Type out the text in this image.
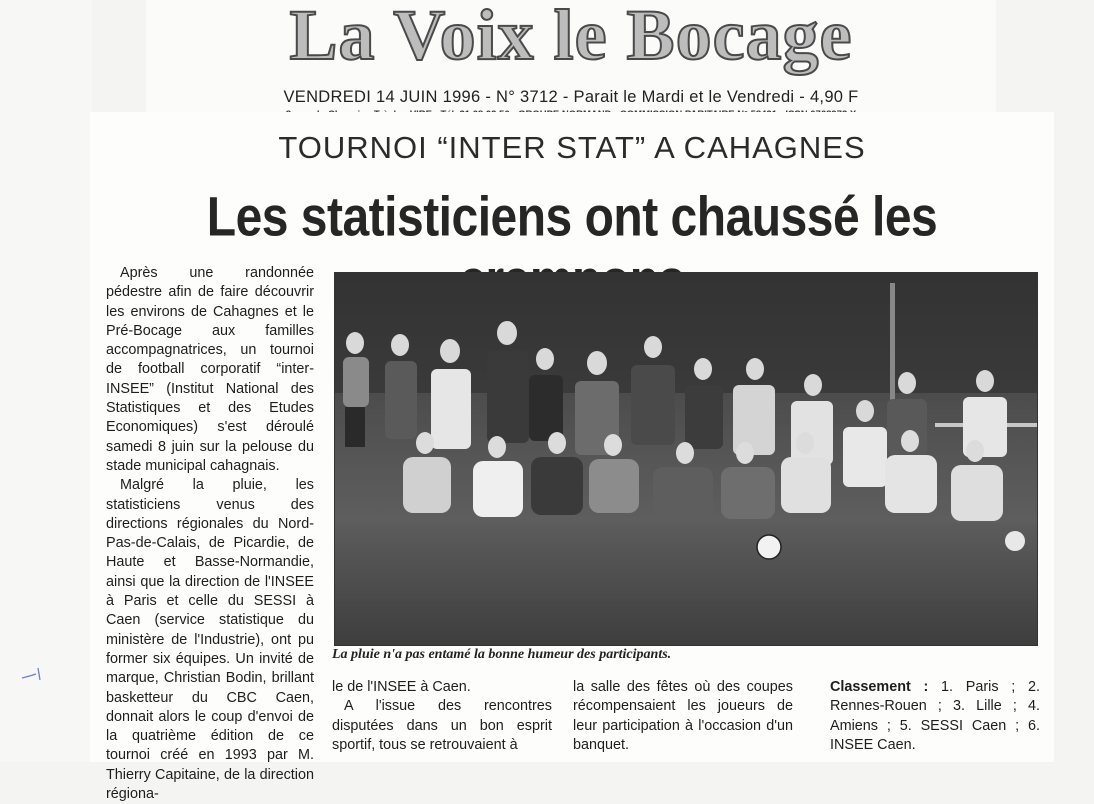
La Voix le Bocage
VENDREDI 14 JUIN 1996 - N° 3712 - Parait le Mardi et le Vendredi - 4,90 F
TOURNOI “INTER STAT” A CAHAGNES
Les statisticiens ont chaussé les

Après une randonnée pédestre afin de faire découvrir les environs de Cahagnes et le Pré-Bocage aux familles accompagnatrices, un tournoi de football corporatif “inter-INSEE” (Institut National des Statistiques et des Etudes Economiques) s'est déroulé samedi 8 juin sur la pelouse du stade municipal cahagnais.

Malgré la pluie, les statisticiens venus des directions régionales du Nord-Pas-de-Calais, de Picardie, de Haute et Basse-Normandie, ainsi que la direction de l'INSEE à Paris et celle du SESSI à Caen (service statistique du ministère de l'Industrie), ont pu former six équipes. Un invité de marque, Christian Bodin, brillant basketteur du CBC Caen, donnait alors le coup d'envoi de la quatrième édition de ce tournoi créé en 1993 par M. Thierry Capitaine, de la direction régiona-

La pluie n'a pas entamé la bonne humeur des participants.

le de l'INSEE à Caen.

A l'issue des rencontres disputées dans un bon esprit sportif, tous se retrouvaient à

la salle des fêtes où des coupes récompensaient les joueurs de leur participation à l'occasion d'un banquet.

Classement : 1. Paris ; 2. Rennes-Rouen ; 3. Lille ; 4. Amiens ; 5. SESSI Caen ; 6. INSEE Caen.
